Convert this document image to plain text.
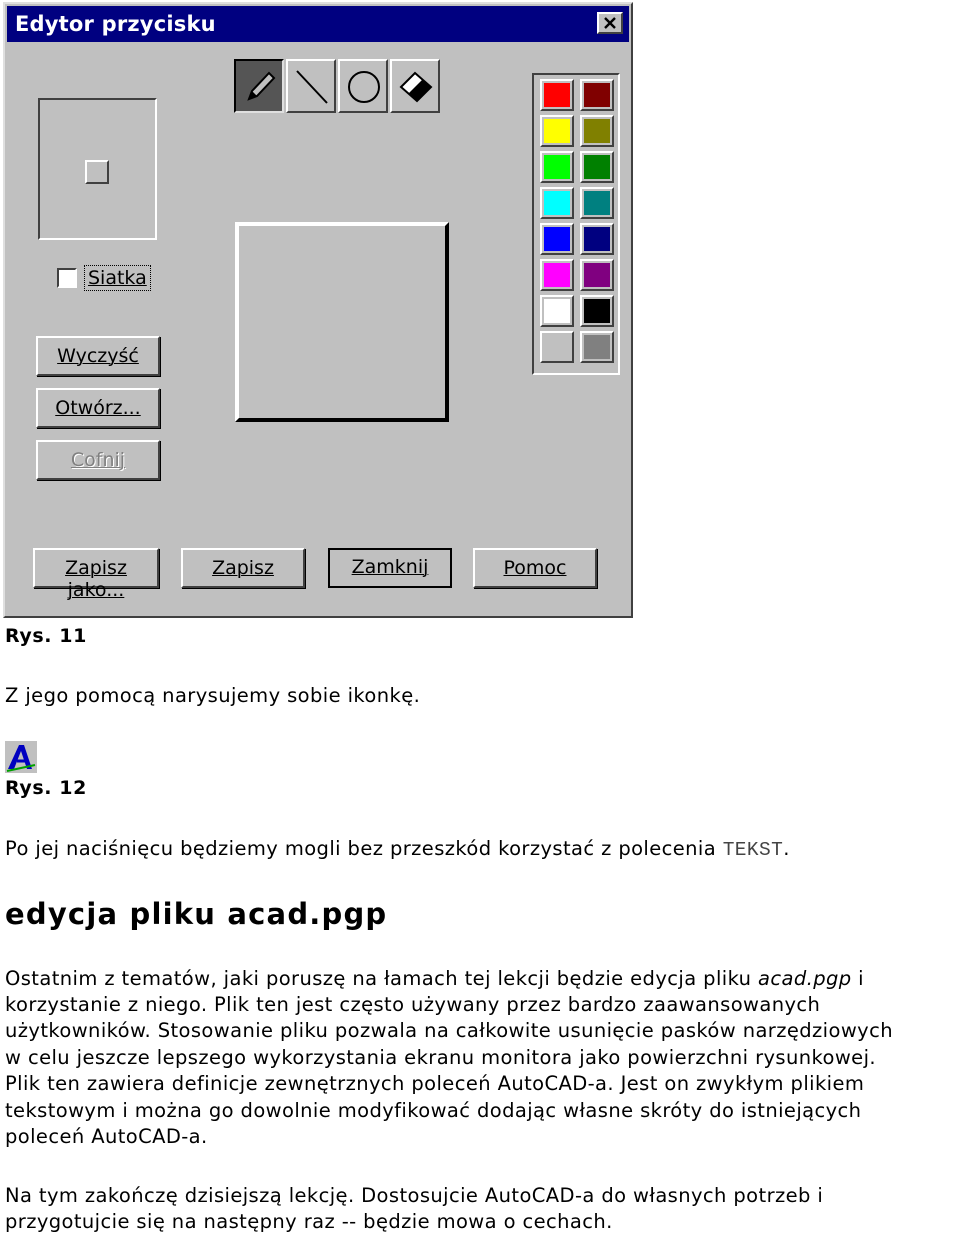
Edytor przycisku
Siatka
Wyczyść
Otwórz...
Cofnij
Zapisz jako...
Zapisz	Zamknij	Pomoc
Rys. 11
Z jego pomocą narysujemy sobie ikonkę.
Rys. 12
Po jej naciśnięcu będziemy mogli bez przeszkód korzystać z polecenia TEKST.
edycja pliku acad.pgp
Ostatnim z tematów, jaki poruszę na łamach tej lekcji będzie edycja pliku acad.pgp i
korzystanie z niego. Plik ten jest często używany przez bardzo zaawansowanych
użytkowników. Stosowanie pliku pozwala na całkowite usunięcie pasków narzędziowych
w celu jeszcze lepszego wykorzystania ekranu monitora jako powierzchni rysunkowej.
Plik ten zawiera definicje zewnętrznych poleceń AutoCAD-a. Jest on zwykłym plikiem
tekstowym i można go dowolnie modyfikować dodając własne skróty do istniejących
poleceń AutoCAD-a.
Na tym zakończę dzisiejszą lekcję. Dostosujcie AutoCAD-a do własnych potrzeb i
przygotujcie się na następny raz -- będzie mowa o cechach.
